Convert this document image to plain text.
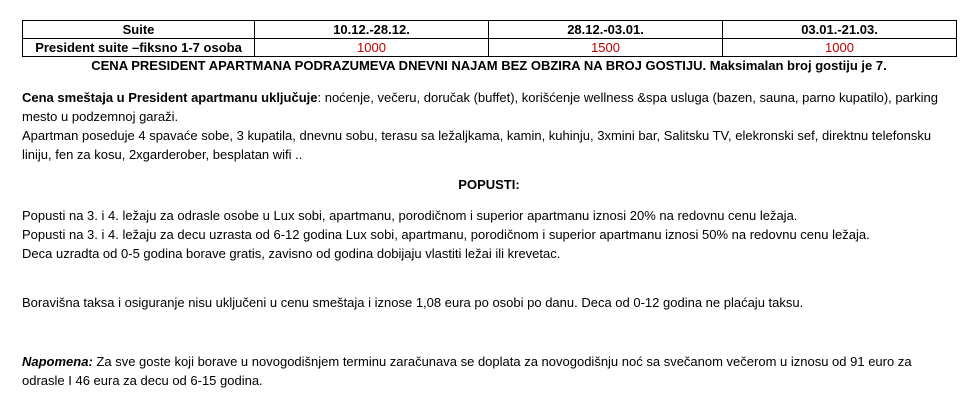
Suite	10.12.-28.12.	28.12.-03.01.	03.01.-21.03.
President suite –fiksno 1-7 osoba	1000	1500	1000
CENA PRESIDENT APARTMANA PODRAZUMEVA DNEVNI NAJAM BEZ OBZIRA NA BROJ GOSTIJU. Maksimalan broj gostiju je 7.
Cena smeštaja u President apartmanu uključuje: noćenje, večeru, doručak (buffet), korišćenje wellness &spa usluga (bazen, sauna, parno kupatilo), parking mesto u podzemnoj garaži.
Apartman poseduje 4 spavaće sobe, 3 kupatila, dnevnu sobu, terasu sa ležaljkama, kamin, kuhinju, 3xmini bar, Salitsku TV, elekronski sef, direktnu telefonsku liniju, fen za kosu, 2xgarderober, besplatan wifi ..
POPUSTI:
Popusti na 3. i 4. ležaju za odrasle osobe u Lux sobi, apartmanu, porodičnom i superior apartmanu iznosi 20% na redovnu cenu ležaja.
Popusti na 3. i 4. ležaju za decu uzrasta od 6-12 godina Lux sobi, apartmanu, porodičnom i superior apartmanu iznosi 50% na redovnu cenu ležaja.
Deca uzradta od 0-5 godina borave gratis, zavisno od godina dobijaju vlastiti ležai ili krevetac.
Boravišna taksa i osiguranje nisu uključeni u cenu smeštaja i iznose 1,08 eura po osobi po danu. Deca od 0-12 godina ne plaćaju taksu.
Napomena: Za sve goste koji borave u novogodišnjem terminu zaračunava se doplata za novogodišnju noć sa svečanom večerom u iznosu od 91 euro za odrasle I 46 eura za decu od 6-15 godina.
